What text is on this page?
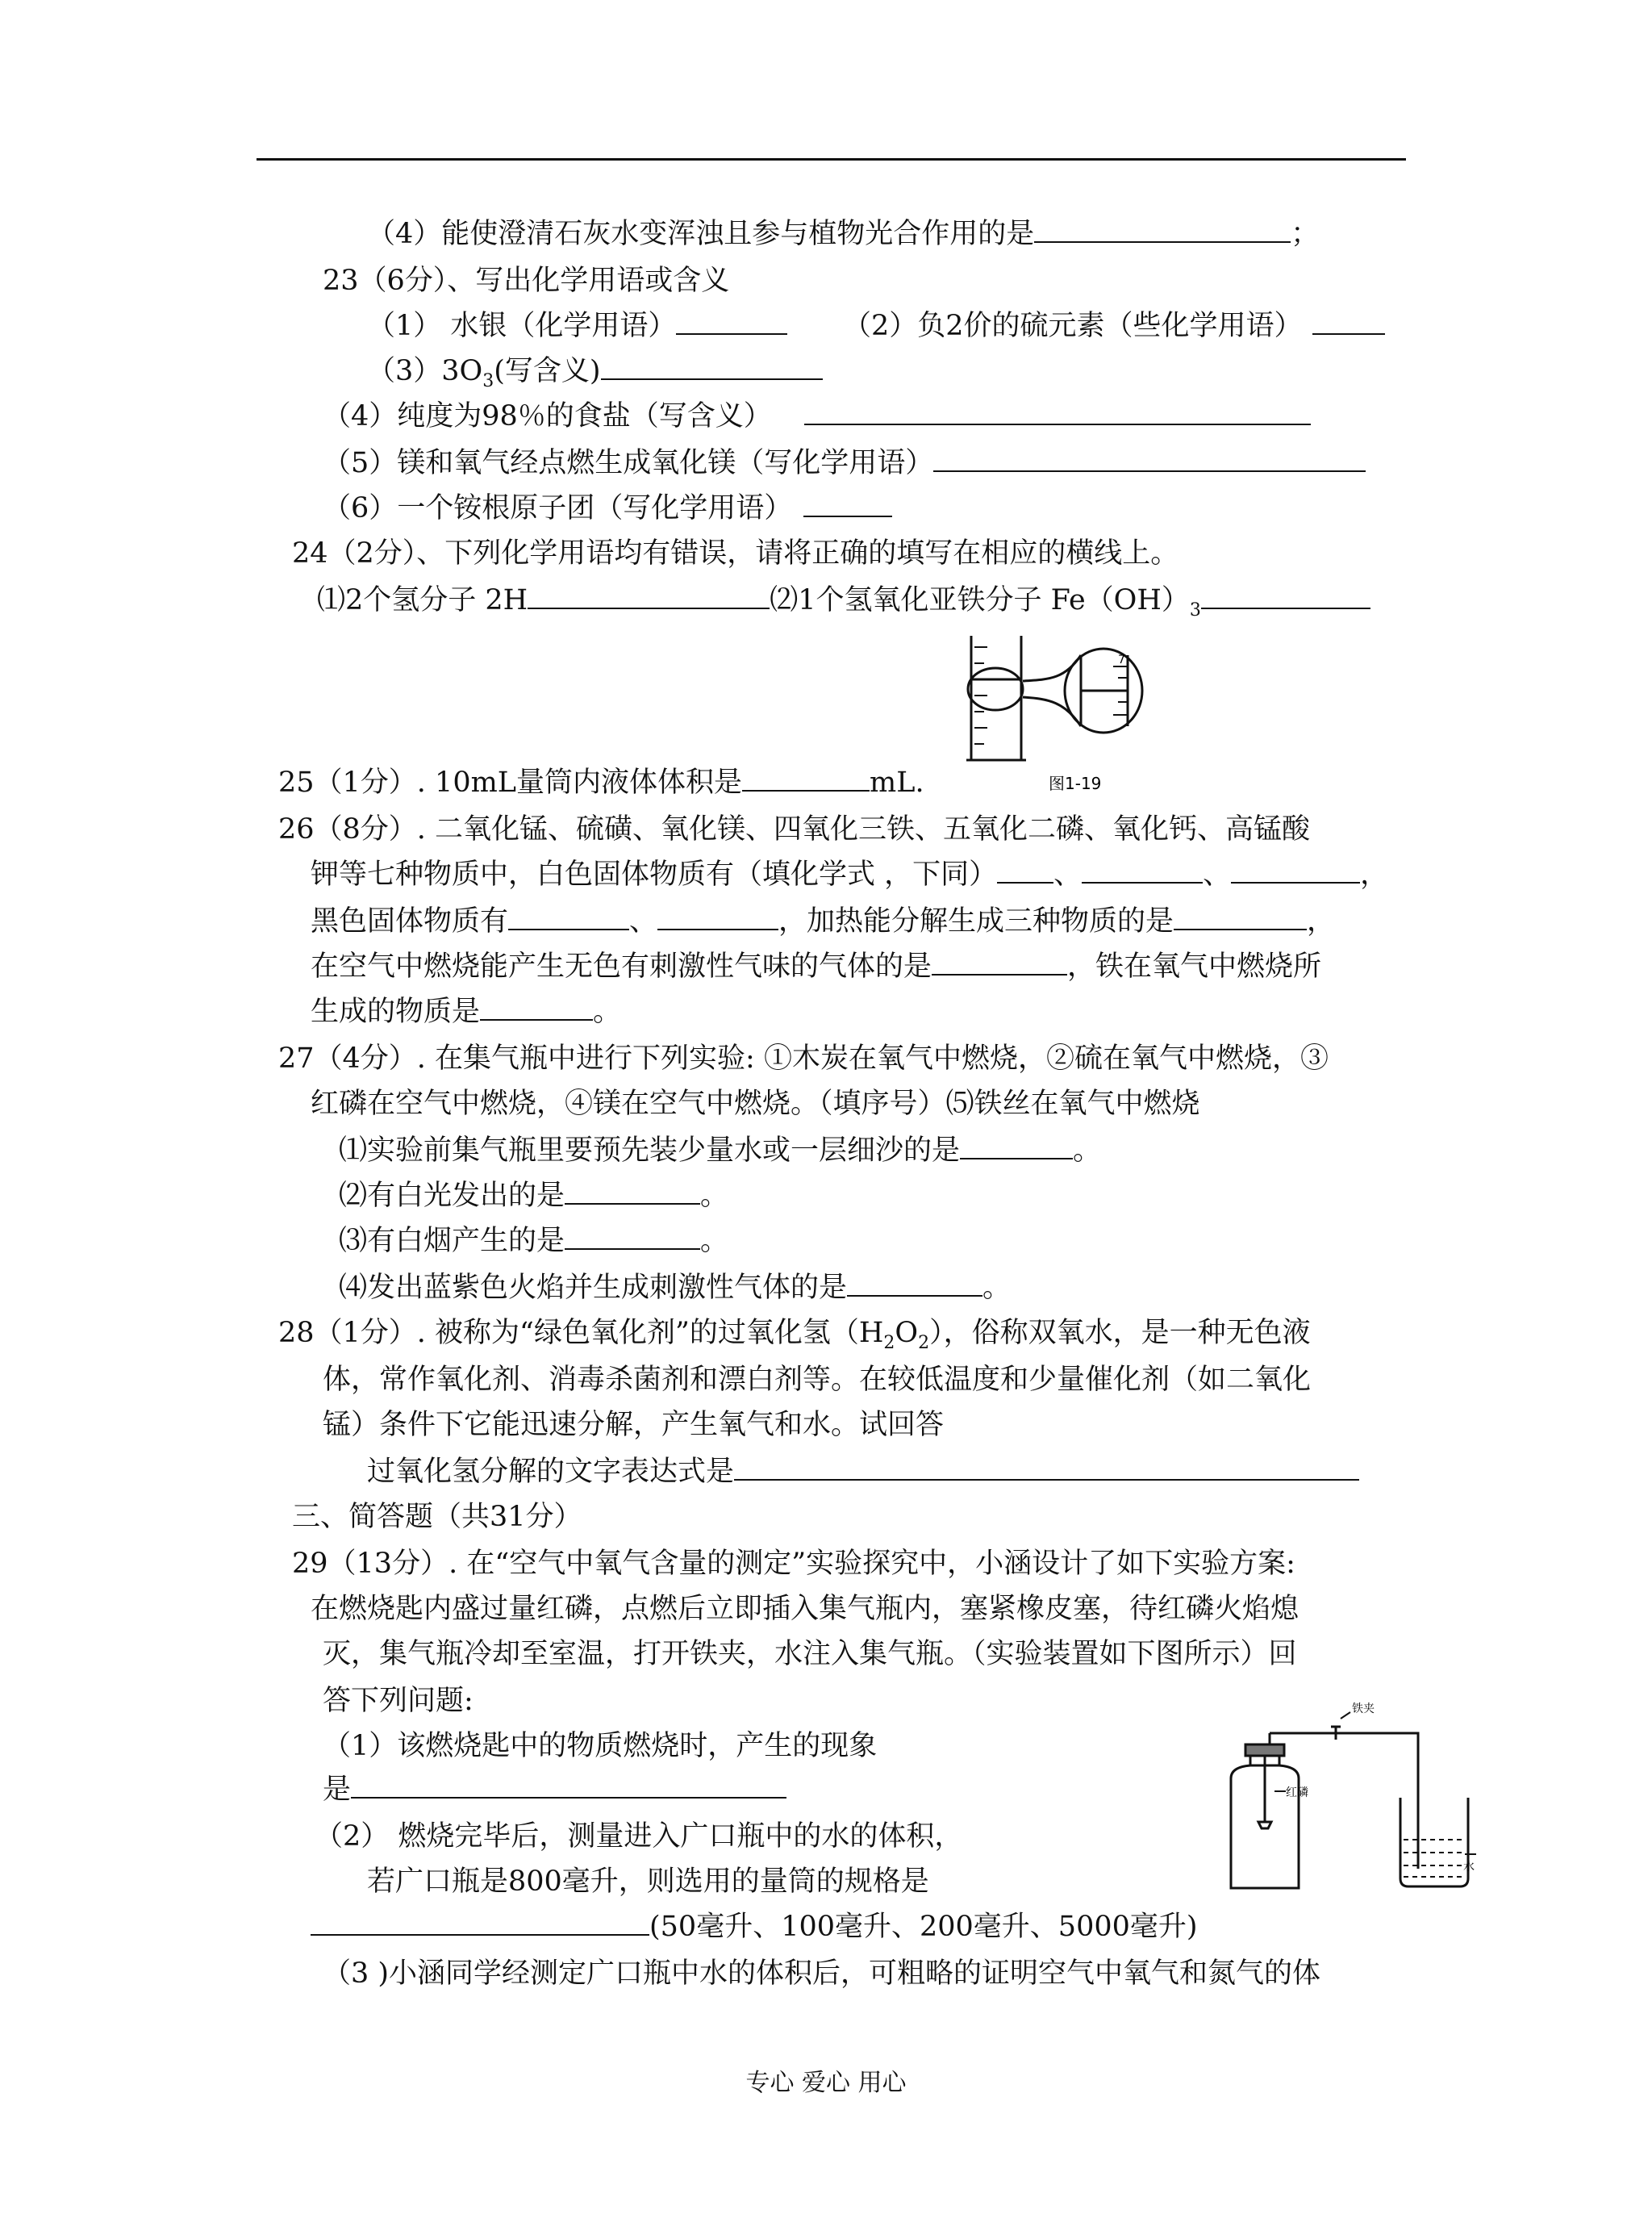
（4）能使澄清石灰水变浑浊且参与植物光合作用的是	；
23（6分）、写出化学用语或含义
（1） 水银（化学用语）	（2）负2价的硫元素（些化学用语）
$(3)3O_3$(写含义)
（4）纯度为98％的食盐（写含义）
（5）镁和氧气经点燃生成氧化镁（写化学用语）
（6）一个铵根原子团（写化学用语）
24（2分）、下列化学用语均有错误，请将正确的填写在相应的横线上。
⑴2个氢分子 2H	⑵1个氢氧化亚铁分子 $Fe(OH)_3$
7
图1-19
25（1分）. 10mL量筒内液体体积是	mL.
26（8分）. 二氧化锰、硫磺、氧化镁、四氧化三铁、五氧化二磷、氧化钙、高锰酸
钾等七种物质中，白色固体物质有（填化学式 ，下同） 、	、	，
黑色固体物质有	、	，加热能分解生成三种物质的是	，
在空气中燃烧能产生无色有刺激性气味的气体的是	，铁在氧气中燃烧所
生成的物质是	。
27（4分）. 在集气瓶中进行下列实验: ①木炭在氧气中燃烧，②硫在氧气中燃烧，③
红磷在空气中燃烧，④镁在空气中燃烧。（填序号）⑸铁丝在氧气中燃烧
⑴实验前集气瓶里要预先装少量水或一层细沙的是	。
⑵有白光发出的是	。
⑶有白烟产生的是	。
⑷发出蓝紫色火焰并生成刺激性气体的是	。
28（1分）. 被称为“绿色氧化剂”的过氧化氢$(H_2O_2)$，俗称双氧水，是一种无色液
体，常作氧化剂、消毒杀菌剂和漂白剂等。在较低温度和少量催化剂（如二氧化
锰）条件下它能迅速分解，产生氧气和水。试回答
过氧化氢分解的文字表达式是
三、简答题（共31分）
29（13分）. 在“空气中氧气含量的测定”实验探究中，小涵设计了如下实验方案:
在燃烧匙内盛过量红磷，点燃后立即插入集气瓶内，塞紧橡皮塞，待红磷火焰熄
灭，集气瓶冷却至室温，打开铁夹，水注入集气瓶。（实验装置如下图所示）回
答下列问题:
（1）该燃烧匙中的物质燃烧时，产生的现象
是
（2） 燃烧完毕后，测量进入广口瓶中的水的体积，
若广口瓶是800毫升，则选用的量筒的规格是
(50毫升、100毫升、200毫升、5000毫升)
（3 )小涵同学经测定广口瓶中水的体积后，可粗略的证明空气中氧气和氮气的体
铁夹
红磷
水
专心 爱心 用心
